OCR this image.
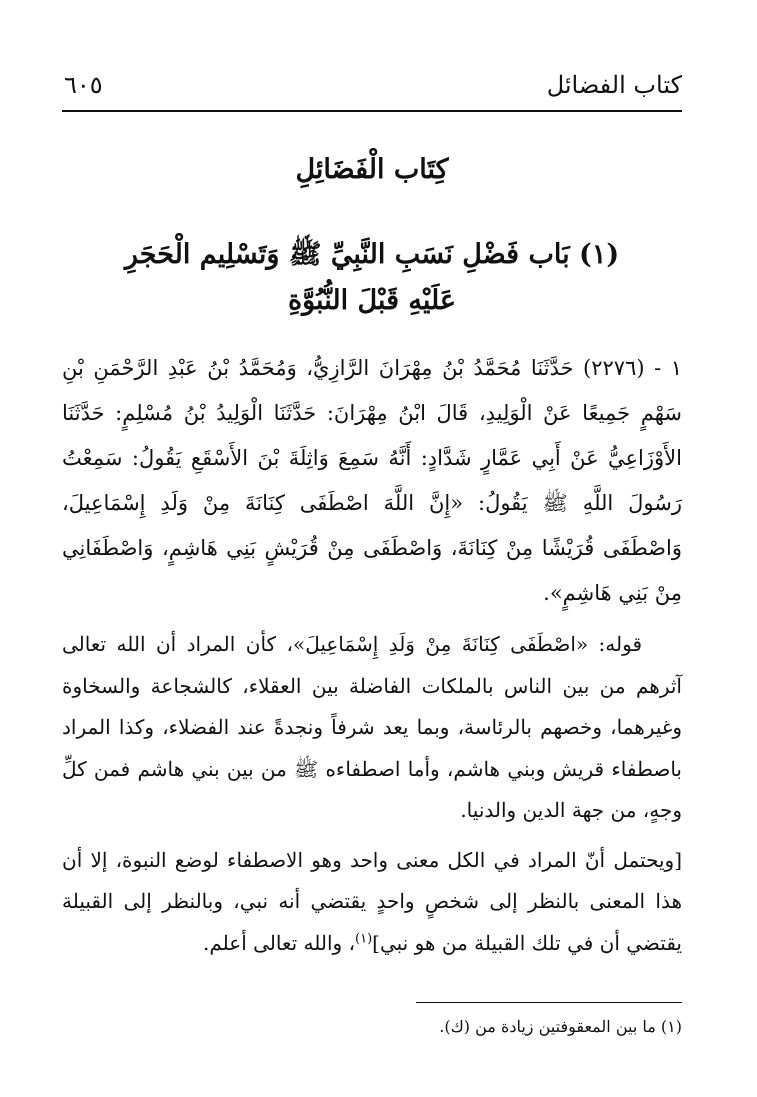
كتاب الفضائل
٦٠٥
كِتَاب الْفَضَائِلِ
(١) بَاب فَضْلِ نَسَبِ النَّبِيِّ ﷺ وَتَسْلِيم الْحَجَرِ
عَلَيْهِ قَبْلَ النُّبُوَّةِ
١ - (٢٢٧٦) حَدَّثَنَا مُحَمَّدُ بْنُ مِهْرَانَ الرَّازِيُّ، وَمُحَمَّدُ بْنُ عَبْدِ الرَّحْمَنِ بْنِ سَهْمٍ جَمِيعًا عَنْ الْوَلِيدِ، قَالَ ابْنُ مِهْرَانَ: حَدَّثَنَا الْوَلِيدُ بْنُ مُسْلِمٍ: حَدَّثَنَا الأَوْزَاعِيُّ عَنْ أَبِي عَمَّارٍ شَدَّادٍ: أَنَّهُ سَمِعَ وَاثِلَةَ بْنَ الأَسْقَعِ يَقُولُ: سَمِعْتُ رَسُولَ اللَّهِ ﷺ يَقُولُ: «إِنَّ اللَّهَ اصْطَفَى كِنَانَةَ مِنْ وَلَدِ إِسْمَاعِيلَ، وَاصْطَفَى قُرَيْشًا مِنْ كِنَانَةَ، وَاصْطَفَى مِنْ قُرَيْشٍ بَنِي هَاشِمٍ، وَاصْطَفَانِي مِنْ بَنِي هَاشِمٍ».

قوله: «اصْطَفَى كِنَانَةَ مِنْ وَلَدِ إِسْمَاعِيلَ»، كأن المراد أن الله تعالى آثرهم من بين الناس بالملكات الفاضلة بين العقلاء، كالشجاعة والسخاوة وغيرهما، وخصهم بالرئاسة، وبما يعد شرفاً ونجدةً عند الفضلاء، وكذا المراد باصطفاء قريش وبني هاشم، وأما اصطفاءه ﷺ من بين بني هاشم فمن كلِّ وجهٍ، من جهة الدين والدنيا.

[ويحتمل أنّ المراد في الكل معنى واحد وهو الاصطفاء لوضع النبوة، إلا أن هذا المعنى بالنظر إلى شخصٍ واحدٍ يقتضي أنه نبي، وبالنظر إلى القبيلة يقتضي أن في تلك القبيلة من هو نبي]$^{(١)}$، والله تعالى أعلم.

(١) ما بين المعقوفتين زيادة من (ك).
